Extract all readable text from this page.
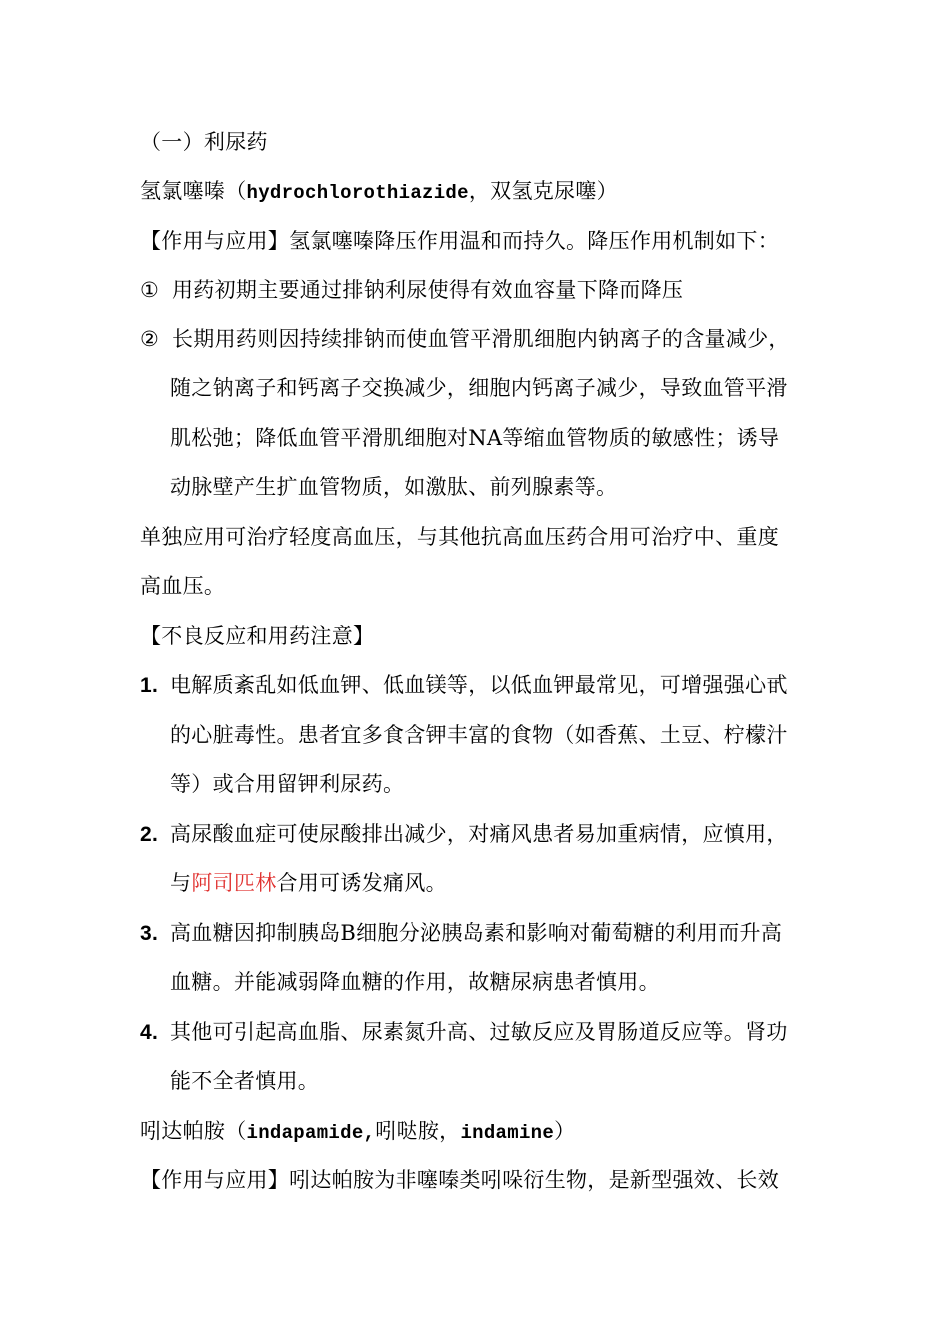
（一）利尿药
氢氯噻嗪（hydrochlorothiazide，双氢克尿噻）
【作用与应用】氢氯噻嗪降压作用温和而持久。降压作用机制如下：
① 用药初期主要通过排钠利尿使得有效血容量下降而降压
② 长期用药则因持续排钠而使血管平滑肌细胞内钠离子的含量减少，
随之钠离子和钙离子交换减少，细胞内钙离子减少，导致血管平滑
肌松弛；降低血管平滑肌细胞对NA等缩血管物质的敏感性；诱导
动脉壁产生扩血管物质，如激肽、前列腺素等。
单独应用可治疗轻度高血压，与其他抗高血压药合用可治疗中、重度
高血压。
【不良反应和用药注意】
1. 电解质紊乱如低血钾、低血镁等，以低血钾最常见，可增强强心甙
的心脏毒性。患者宜多食含钾丰富的食物（如香蕉、土豆、柠檬汁
等）或合用留钾利尿药。
2. 高尿酸血症可使尿酸排出减少，对痛风患者易加重病情，应慎用，
与阿司匹林合用可诱发痛风。
3. 高血糖因抑制胰岛B细胞分泌胰岛素和影响对葡萄糖的利用而升高
血糖。并能减弱降血糖的作用，故糖尿病患者慎用。
4. 其他可引起高血脂、尿素氮升高、过敏反应及胃肠道反应等。肾功
能不全者慎用。
吲达帕胺（indapamide,吲哒胺，indamine）
【作用与应用】吲达帕胺为非噻嗪类吲哚衍生物，是新型强效、长效
